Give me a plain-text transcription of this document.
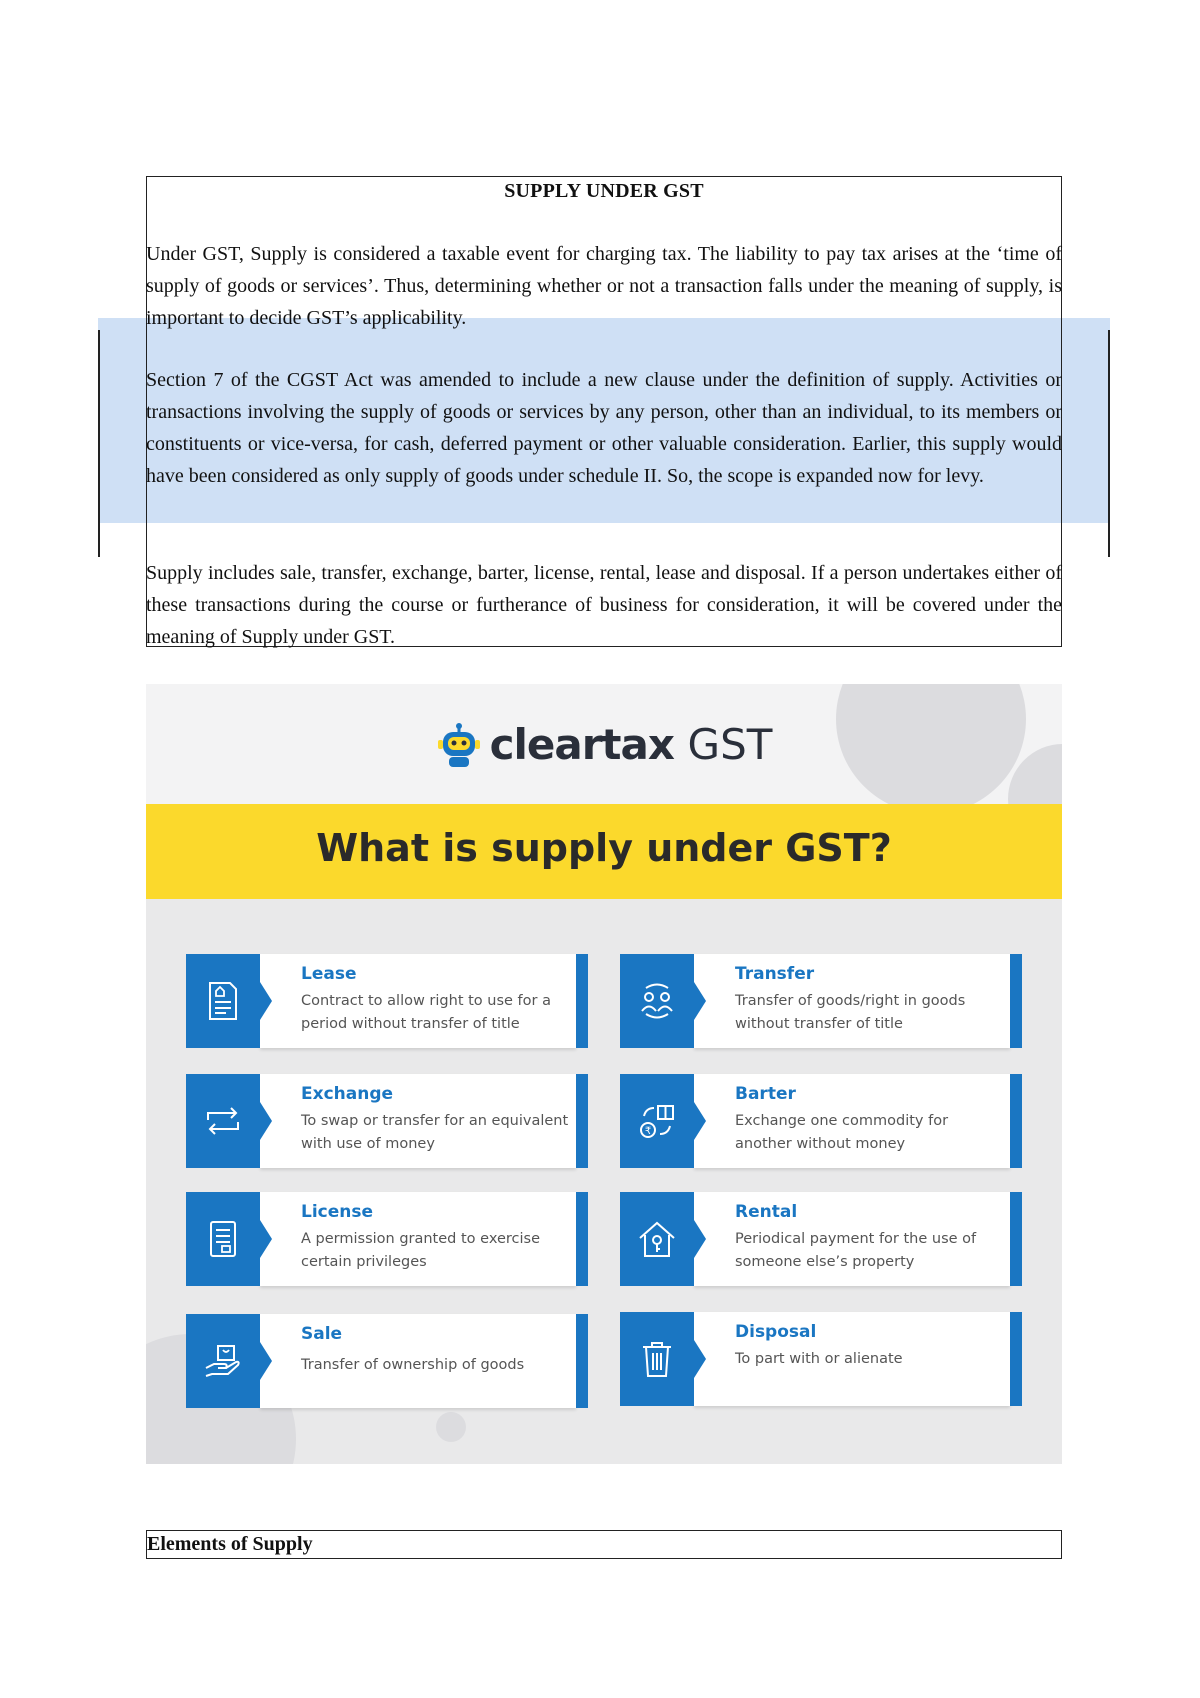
SUPPLY UNDER GST

Under GST, Supply is considered a taxable event for charging tax. The liability to pay tax arises at the ‘time of supply of goods or services’. Thus, determining whether or not a transaction falls under the meaning of supply, is important to decide GST’s applicability.

Section 7 of the CGST Act was amended to include a new clause under the definition of supply. Activities or transactions involving the supply of goods or services by any person, other than an individual, to its members or constituents or vice-versa, for cash, deferred payment or other valuable consideration. Earlier, this supply would have been considered as only supply of goods under schedule II. So, the scope is expanded now for levy.

Supply includes sale, transfer, exchange, barter, license, rental, lease and disposal. If a person undertakes either of these transactions during the course or furtherance of business for consideration, it will be covered under the meaning of Supply under GST.

cleartax GST
What is supply under GST?
Lease
Contract to allow right to use for a period without transfer of title
Transfer
Transfer of goods/right in goods without transfer of title
Exchange
To swap or transfer for an equivalent with use of money
₹
Barter
Exchange one commodity for another without money
License
A permission granted to exercise certain privileges
Rental
Periodical payment for the use of someone else’s property
Sale
Transfer of ownership of goods
Disposal
To part with or alienate
Elements of Supply
